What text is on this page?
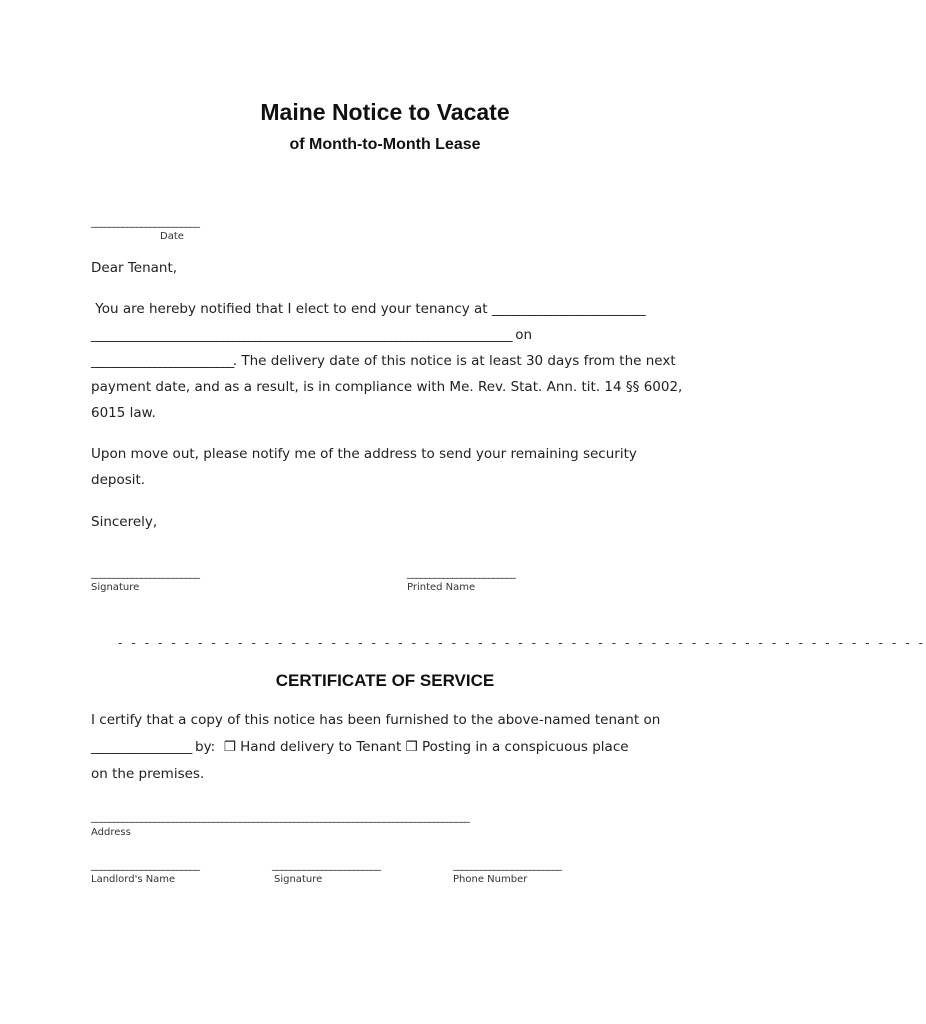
Maine Notice to Vacate
of Month-to-Month Lease
________________________
Date
Dear Tenant,
You are hereby notified that I elect to end your tenancy at _____________________________
________________________________________________________________________________ on
___________________________. The delivery date of this notice is at least 30 days from the next
payment date, and as a result, is in compliance with Me. Rev. Stat. Ann. tit. 14 §§ 6002,
6015 law.
Upon move out, please notify me of the address to send your remaining security
deposit.
Sincerely,
________________________
Signature
________________________
Printed Name
- - - - - - - - - - - - - - - - - - - - - - - - - - - - - - - - - - - - - - - - - - - - - - - - - - - - - - - - - - - - -
CERTIFICATE OF SERVICE
I certify that a copy of this notice has been furnished to the above-named tenant on
___________________ by:  ❒ Hand delivery to Tenant ❒ Posting in a conspicuous place
on the premises.
____________________________________________________________________________________
Address
________________________
Landlord's Name
________________________
Signature
________________________
Phone Number
